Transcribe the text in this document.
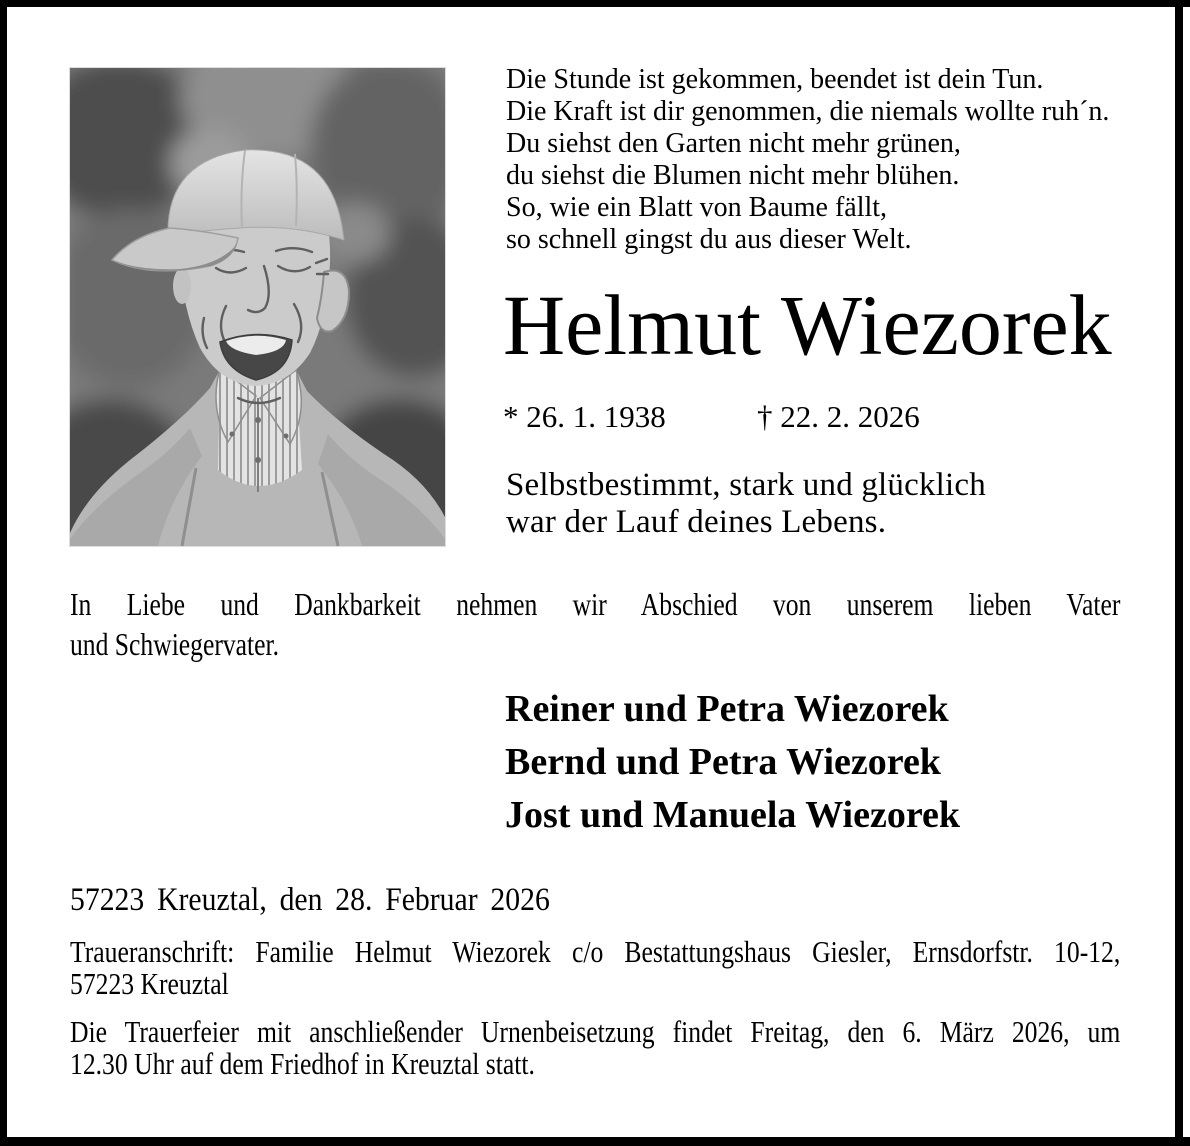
Die Stunde ist gekommen, beendet ist dein Tun.
Die Kraft ist dir genommen, die niemals wollte ruh´n.
Du siehst den Garten nicht mehr grünen,
du siehst die Blumen nicht mehr blühen.
So, wie ein Blatt von Baume fällt,
so schnell gingst du aus dieser Welt.
Helmut Wiezorek
* 26. 1. 1938	† 22. 2. 2026
Selbstbestimmt, stark und glücklich
war der Lauf deines Lebens.
In Liebe und Dankbarkeit nehmen wir Abschied von unserem lieben Vater
und Schwiegervater.
Reiner und Petra Wiezorek
Bernd und Petra Wiezorek
Jost und Manuela Wiezorek
57223 Kreuztal, den 28. Februar 2026
Traueranschrift: Familie Helmut Wiezorek c/o Bestattungshaus Giesler, Ernsdorfstr. 10-12,
57223 Kreuztal
Die Trauerfeier mit anschließender Urnenbeisetzung findet Freitag, den 6. März 2026, um
12.30 Uhr auf dem Friedhof in Kreuztal statt.
